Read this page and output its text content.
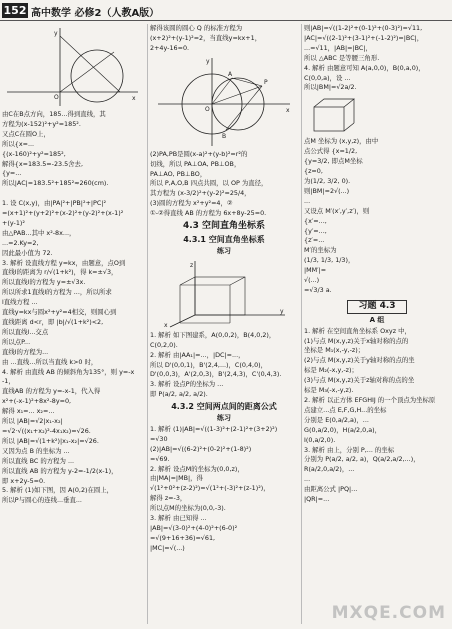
152 高中数学 必修2（人教A版）
y
x
O

由C在B点方向，185...得到直线，其

方程为(x-152)²+y²=185².

又点C在圆O上，

所以{x=...

{(x-160)²+y²=185²,

解得{x=183.5=-23.5舍去,

{y=...

所以|AC|=183.5²+185²≈260(cm).

1. 设 C(x,y)，由|PA|²+|PB|²+|PC|²

=(x+1)²+(y+2)²+(x-2)²+(y-2)²+(x-1)²

+(y-1)²

由△PAB...其中 x²-8x...，

...=2.Ky=2,

因此最小值为 72.

3. 解析 设直线方程 y=kx，由题意，点O到

直线l的距离为 r/√(1+k²)，得 k=±√3，

所以直线l的方程为 y=±√3x.

所以所求1直线l的方程为 ...，所以所求

l直线方程 ...

直线y=kx与圆x²+y²=4相交，则圆心到

直线距离 d<r，即 |b|/√(1+k²)<2,

所以直线l...交点

所以点P...

直线l的方程为...

由 ...直线...所以当直线 k>0 时，

4. 解析 由直线 AB 的倾斜角为135°，则 y=-x

-1，

直线AB 的方程为 y=-x-1，代入得

x²+(-x-1)²+8x²-8y=0,

解得 x₁=... x₂=...

所以 |AB|=√2|x₁-x₂|

=√2·√((x₁+x₂)²-4x₁x₂)=√26.

所以 |AB|=√(1+k²)|x₁-x₂|=√26.

又因为点 B 的坐标为 ...

所以直线 BC 的方程为 ...

所以直线 AB 的方程为 y-2=-1/2(x-1)，

即 x+2y-5=0.

5. 解析 (1)如下图，因 A(0,2)在圆上，

所以P与圆心的连线...垂直...

解得该圆的圆心 Q 的标准方程为

(x+2)²+(y-1)²=2，当直线y=kx+1，

2+4y-16=0.

y
P
A
B
O	x

(2)PA,PB是圆(x-a)²+(y-b)²=r²的

切线，所以 PA⊥OA, PB⊥OB，

PA⊥AO, PB⊥BO，

所以 P,A,O,B 四点共圆，以 OP 为直径，

其方程为 (x-3/2)²+(y-2)²=25/4，

(3)圆的方程为 x²+y²=4，②

①-②得直线 AB 的方程为 6x+8y-25=0.

4.3 空间直角坐标系
4.3.1 空间直角坐标系
练习
z
y
x

1. 解析 如下图建系，A(0,0,2)，B(4,0,2)，

C(0,2,0).

2. 解析 由|AA₁|=...，|DC|=...，

所以 D'(0,0,1)，B'(2,4,...)，C(0,4,0)，

D'(0,0,3)，A'(2,0,3)，B'(2,4,3)，C'(0,4,3).

3. 解析 设点P的坐标为 ...

即 P(a/2, a/2, a/2).

4.3.2 空间两点间的距离公式
练习

1. 解析 (1)|AB|=√((1-3)²+(2-1)²+(3+2)²)

=√30

(2)|AB|=√((6-2)²+(0-2)²+(1-8)²)

=√69.

2. 解析 设点M的坐标为(0,0,z)，

由|MA|=|MB|，得

√(1²+0²+(z-2)²)=√(1²+(-3)²+(z-1)²)，

解得 z=-3，

所以点M的坐标为(0,0,-3).

3. 解析 由已知得 ...

|AB|=√(3-0)²+(4-0)²+(6-0)²

=√(9+16+36)=√61,

|MC|=√(...)

则|AB|=√((1-2)²+(0-1)²+(0-3)²)=√11,

|AC|=√((2-1)²+(3-1)²+(-1-2)²)=|BC|，

...=√11，|AB|=|BC|，

所以 △ABC 是等腰三角形.

4. 解析 由题意可知 A(a,0,0)，B(0,a,0)，

C(0,0,a)，设 ...

所以|BM|=√2a/2.

点M 坐标为 (x,y,z)，由中

点公式得 {x=1/2,

{y=3/2, 即点M坐标

{z=0,

为(1/2, 3/2, 0).

则|BM|=2√(...)

...

又设点 M′(x′,y′,z′)，则

{x′=...,

{y′=...,

{z′=...

M′的坐标为

(1/3, 1/3, 1/3)，

|MM′|=

√(...)

=√3/3 a.

习题 4.3
A 组

1. 解析 在空间直角坐标系 Oxyz 中，

(1)与点 M(x,y,z)关于x轴对称的点的

坐标是 M₁(x,-y,-z)；

(2)与点 M(x,y,z)关于y轴对称的点的坐

标是 M₂(-x,y,-z)；

(3)与点 M(x,y,z)关于z轴对称的点的坐

标是 M₃(-x,-y,z).

2. 解析 以正方体 EFGHIJ 的一个顶点为坐标原

点建立...点 E,F,G,H...的坐标

分别是 E(0,a/2,a)，...

G(0,a/2,0)，H(a/2,0,a)，

I(0,a/2,0).

3. 解析 由上，分别 P,... 的坐标

分别为 P(a/2, a/2, a)，Q(a/2,a/2,...)，

R(a/2,0,a/2)，...

...

由距离公式 |PQ|...

|QR|=...

MXQE.COM
